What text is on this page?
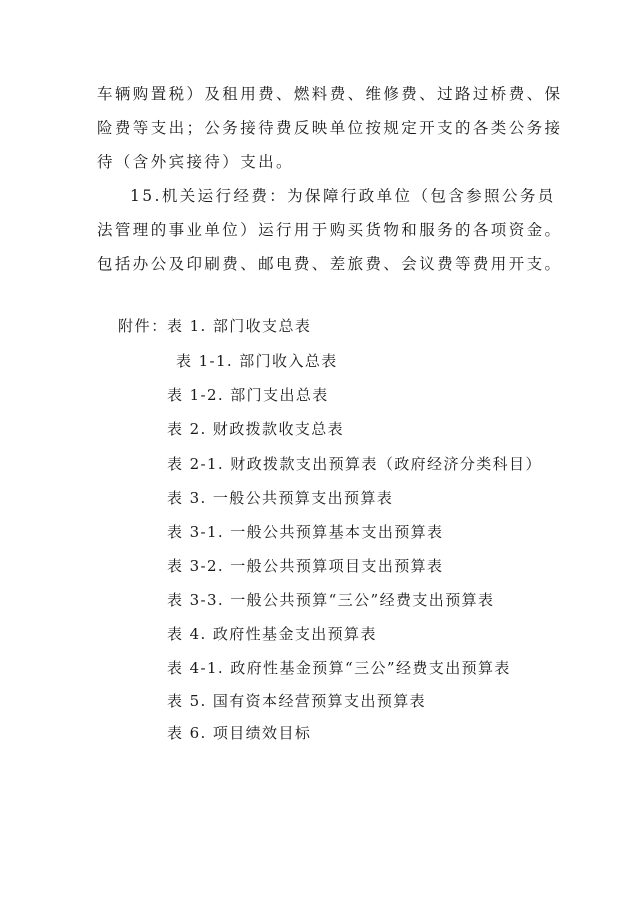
车辆购置税）及租用费、燃料费、维修费、过路过桥费、保
险费等支出；公务接待费反映单位按规定开支的各类公务接
待（含外宾接待）支出。
15.机关运行经费：为保障行政单位（包含参照公务员
法管理的事业单位）运行用于购买货物和服务的各项资金。
包括办公及印刷费、邮电费、差旅费、会议费等费用开支。
附件： 表 1. 部门收支总表
表 1-1. 部门收入总表
表 1-2. 部门支出总表
表 2. 财政拨款收支总表
表 2-1. 财政拨款支出预算表（政府经济分类科目）
表 3. 一般公共预算支出预算表
表 3-1. 一般公共预算基本支出预算表
表 3-2. 一般公共预算项目支出预算表
表 3-3. 一般公共预算“三公”经费支出预算表
表 4. 政府性基金支出预算表
表 4-1. 政府性基金预算“三公”经费支出预算表
表 5. 国有资本经营预算支出预算表
表 6. 项目绩效目标
